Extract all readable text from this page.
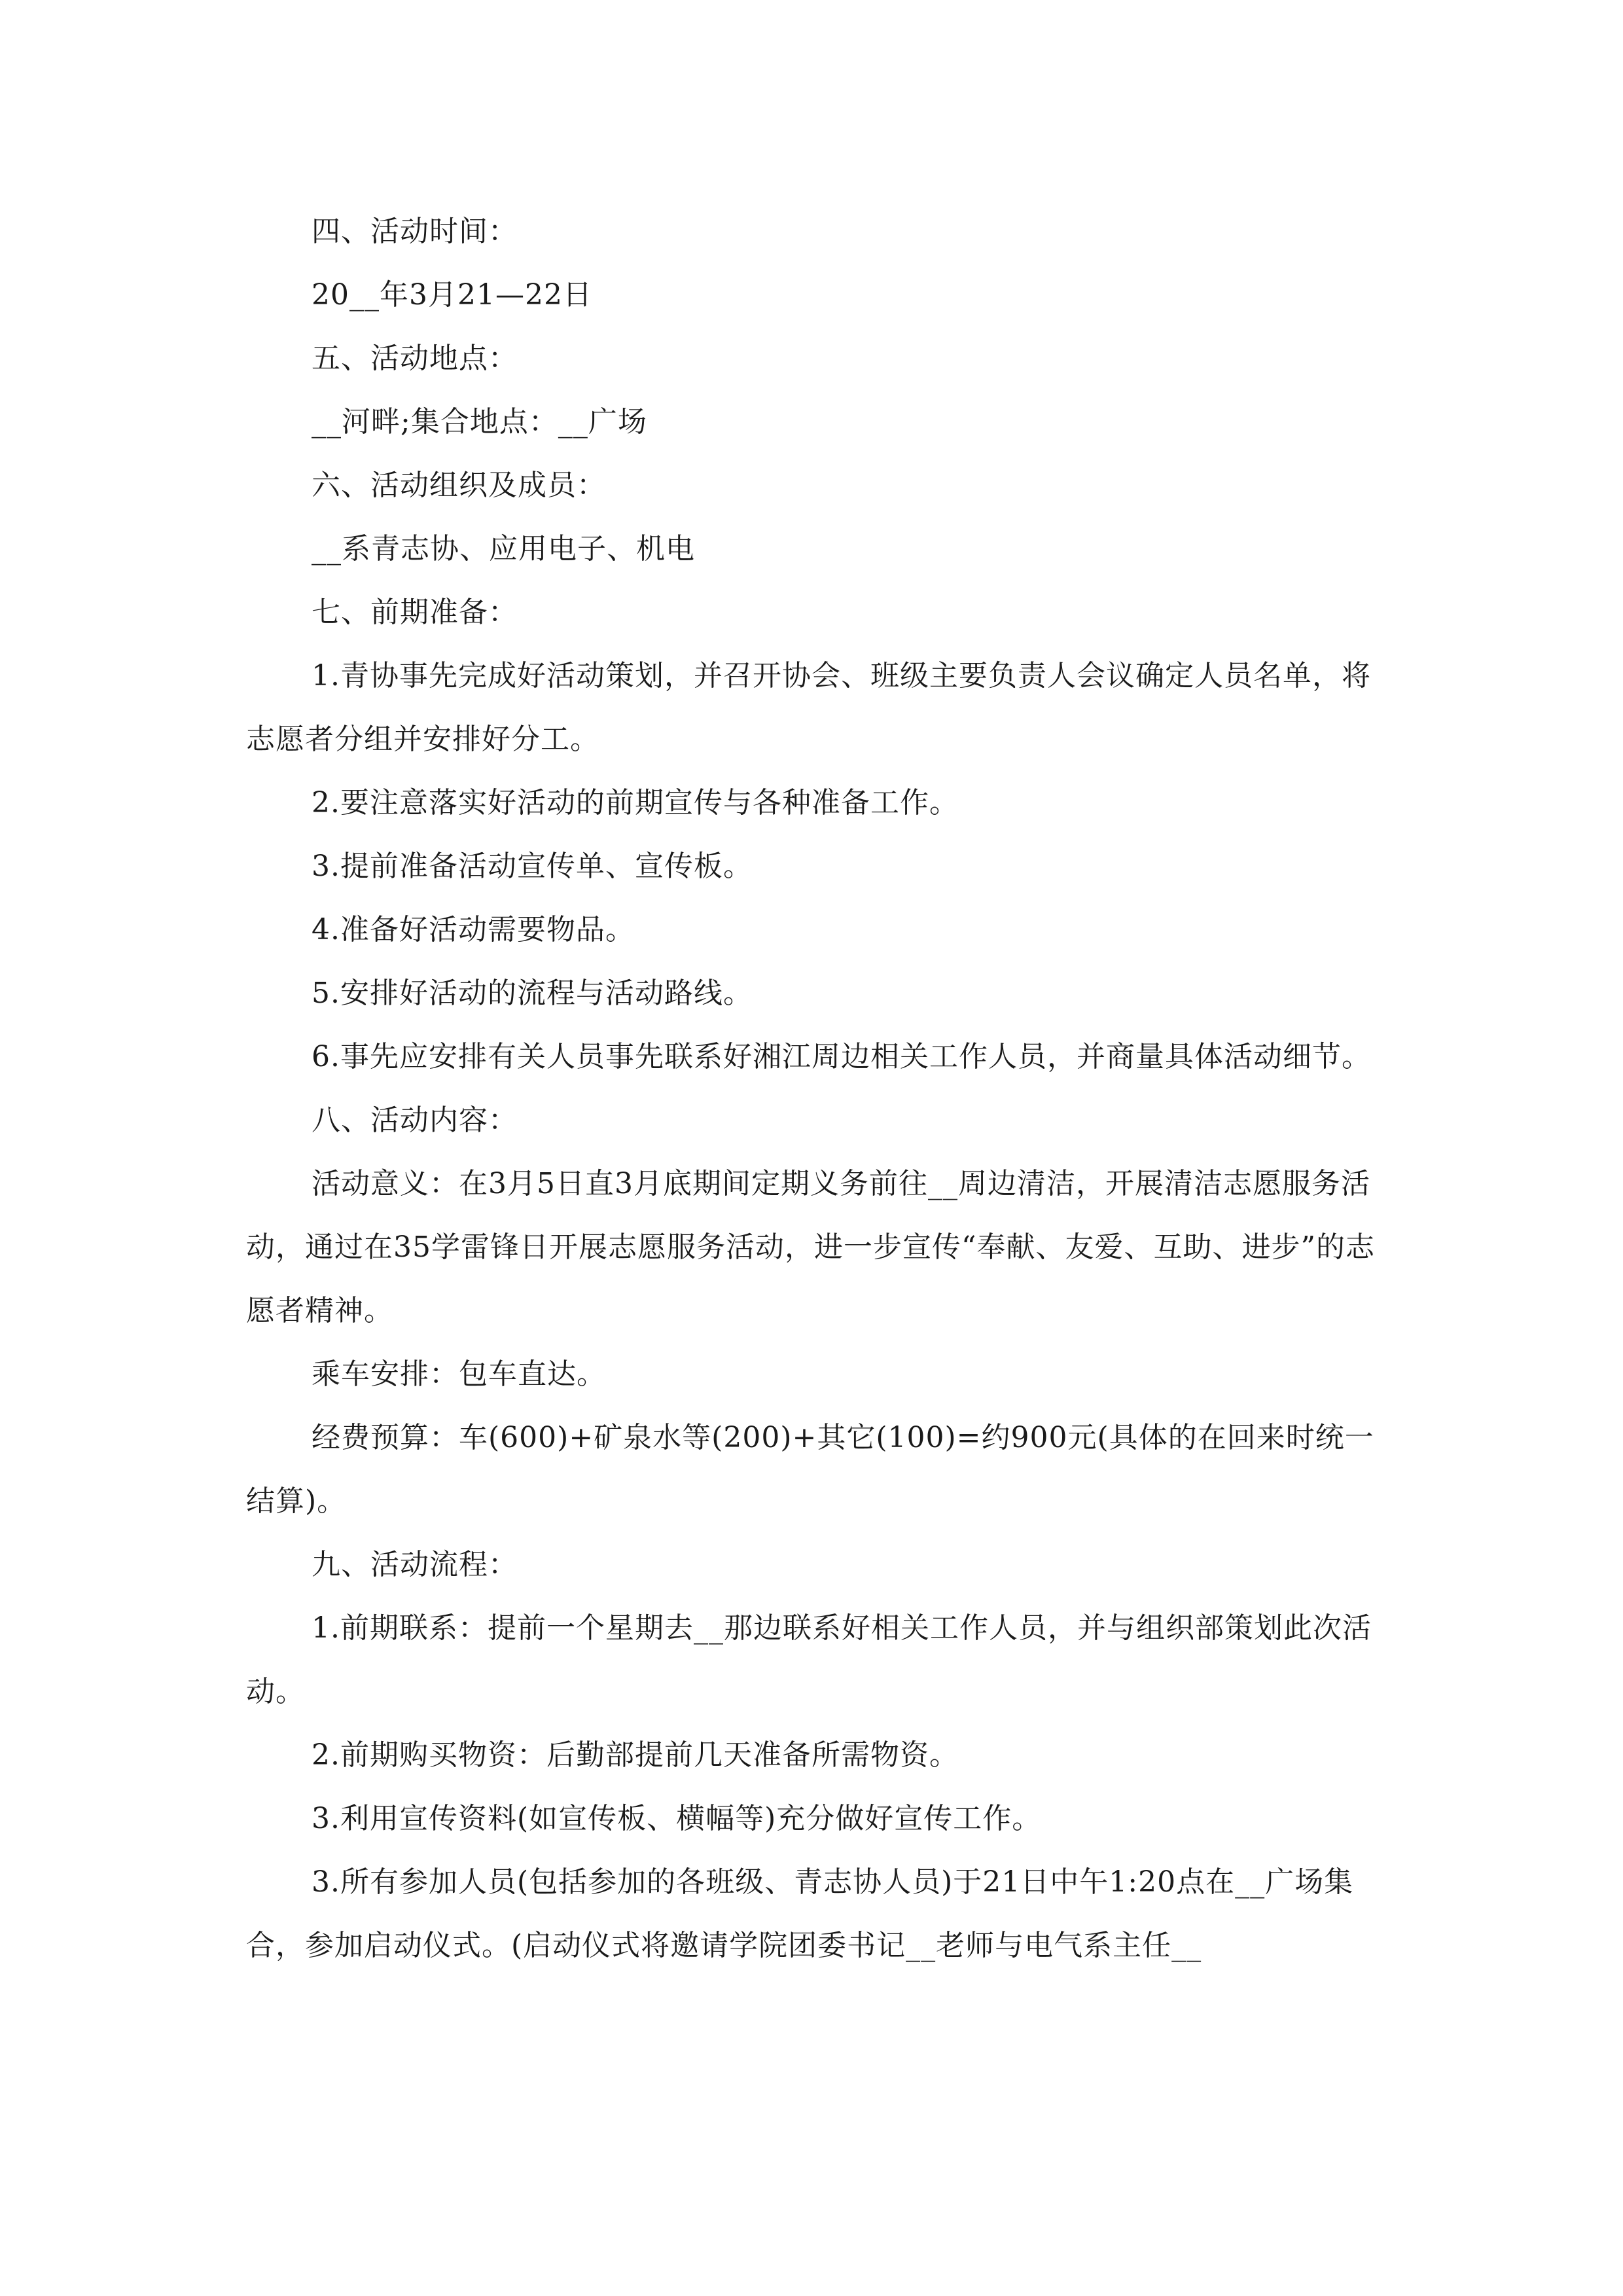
四、活动时间：

20__年3月21—22日

五、活动地点：

__河畔;集合地点：__广场

六、活动组织及成员：

__系青志协、应用电子、机电

七、前期准备：

1.青协事先完成好活动策划，并召开协会、班级主要负责人会议确定人员名单，将志愿者分组并安排好分工。

2.要注意落实好活动的前期宣传与各种准备工作。

3.提前准备活动宣传单、宣传板。

4.准备好活动需要物品。

5.安排好活动的流程与活动路线。

6.事先应安排有关人员事先联系好湘江周边相关工作人员，并商量具体活动细节。

八、活动内容：

活动意义：在3月5日直3月底期间定期义务前往__周边清洁，开展清洁志愿服务活动，通过在35学雷锋日开展志愿服务活动，进一步宣传“奉献、友爱、互助、进步”的志愿者精神。

乘车安排：包车直达。

经费预算：车(600)+矿泉水等(200)+其它(100)=约900元(具体的在回来时统一结算)。

九、活动流程：

1.前期联系：提前一个星期去__那边联系好相关工作人员，并与组织部策划此次活动。

2.前期购买物资：后勤部提前几天准备所需物资。

3.利用宣传资料(如宣传板、横幅等)充分做好宣传工作。

3.所有参加人员(包括参加的各班级、青志协人员)于21日中午1:20点在__广场集合，参加启动仪式。(启动仪式将邀请学院团委书记__老师与电气系主任__
